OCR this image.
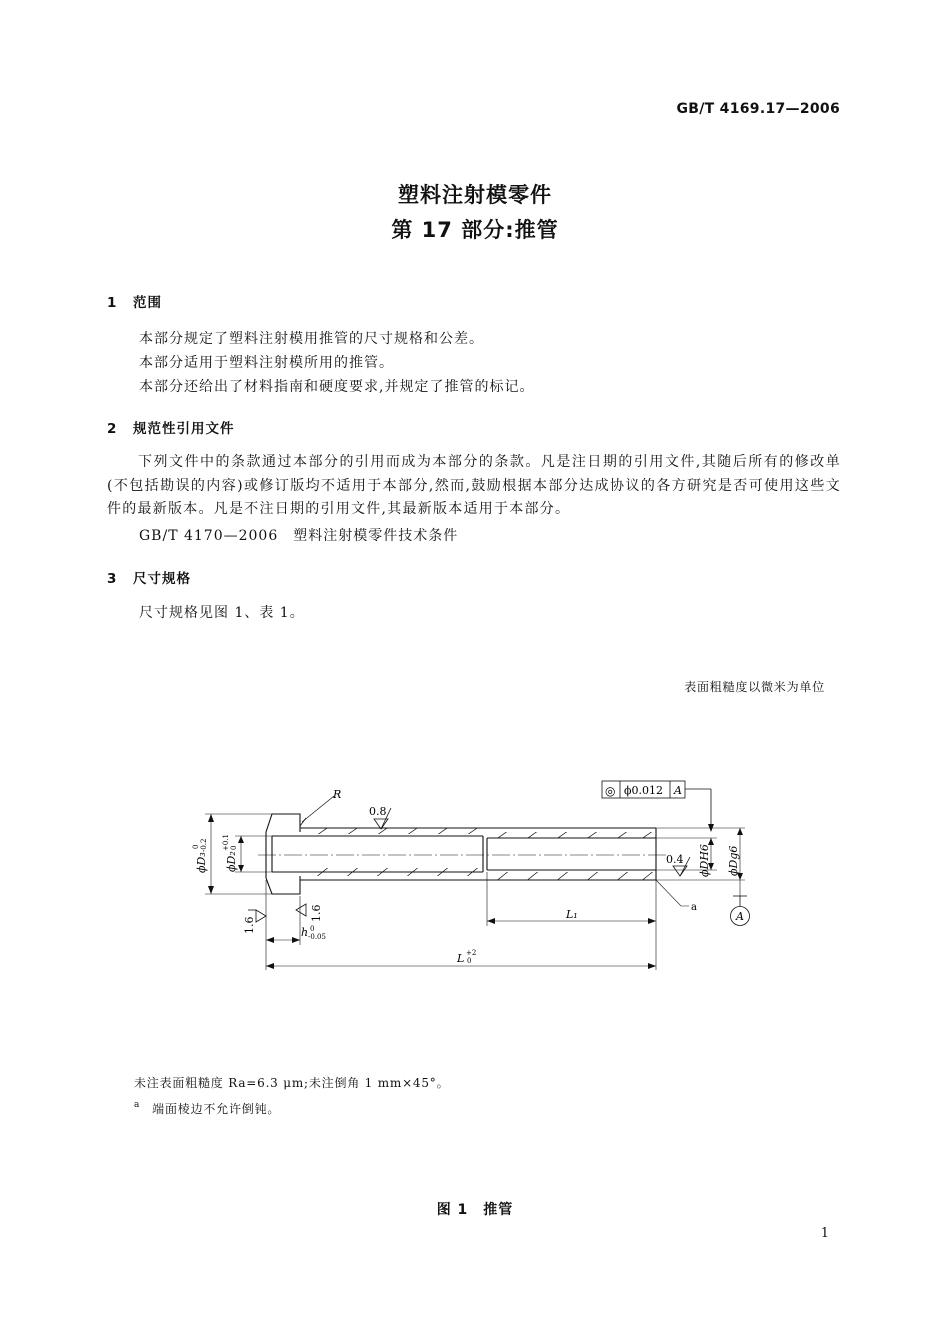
GB/T 4169.17—2006
塑料注射模零件
第 17 部分:推管
1 范围
本部分规定了塑料注射模用推管的尺寸规格和公差。
本部分适用于塑料注射模所用的推管。
本部分还给出了材料指南和硬度要求,并规定了推管的标记。
2 规范性引用文件
下列文件中的条款通过本部分的引用而成为本部分的条款。凡是注日期的引用文件,其随后所有的修改单(不包括勘误的内容)或修订版均不适用于本部分,然而,鼓励根据本部分达成协议的各方研究是否可使用这些文件的最新版本。凡是不注日期的引用文件,其最新版本适用于本部分。
GB/T 4170—2006　塑料注射模零件技术条件
3 尺寸规格
尺寸规格见图 1、表 1。
表面粗糙度以微米为单位
R
0.8
0.4
◎ ϕ0.012 A
ϕD₃
0 -0.2
ϕD₂
+0.1 0	ϕDH6 ϕDg6
A
a
1.6
1.6	L₁
L +2
0
h 0
-0.05
未注表面粗糙度 Ra=6.3 μm;未注倒角 1 mm×45°。
$^a$ 端面棱边不允许倒钝。
图 1　推管
1
